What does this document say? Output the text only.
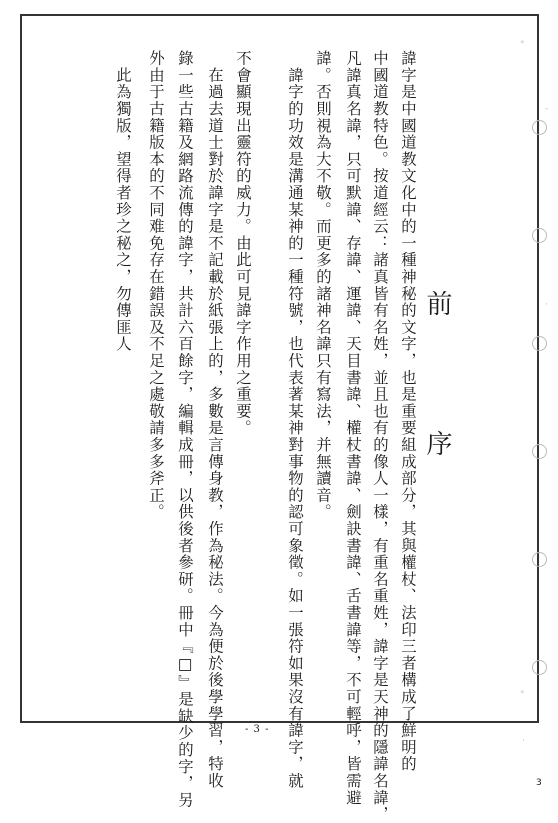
前　序
諱字是中國道教文化中的一種神秘的文字，也是重要組成部分，其與權杖、法印三者構成了鮮明的
中國道教特色。按道經云：諸真皆有名姓，並且也有的像人一樣，有重名重姓，諱字是天神的隱諱名諱，
凡諱真名諱，只可默諱、存諱、運諱、天目書諱、權杖書諱、劍訣書諱、舌書諱等，不可輕呼，皆需避
諱。否則視為大不敬。而更多的諸神名諱只有寫法，并無讀音。
　諱字的功效是溝通某神的一種符號，也代表著某神對事物的認可象徵。如一張符如果沒有諱字，就
不會顯現出靈符的威力。由此可見諱字作用之重要。
　在過去道士對於諱字是不記載於紙張上的，多數是言傳身教，作為秘法。今為便於後學學習，特收
錄一些古籍及網路流傳的諱字，共計六百餘字，編輯成冊，以供後者參研。冊中『□』是缺少的字，另
外由于古籍版本的不同难免存在錯誤及不足之處敬請多多斧正。
　此為獨版，望得者珍之秘之，勿傳匪人
- 3 -
3
°
-
·
°
·
